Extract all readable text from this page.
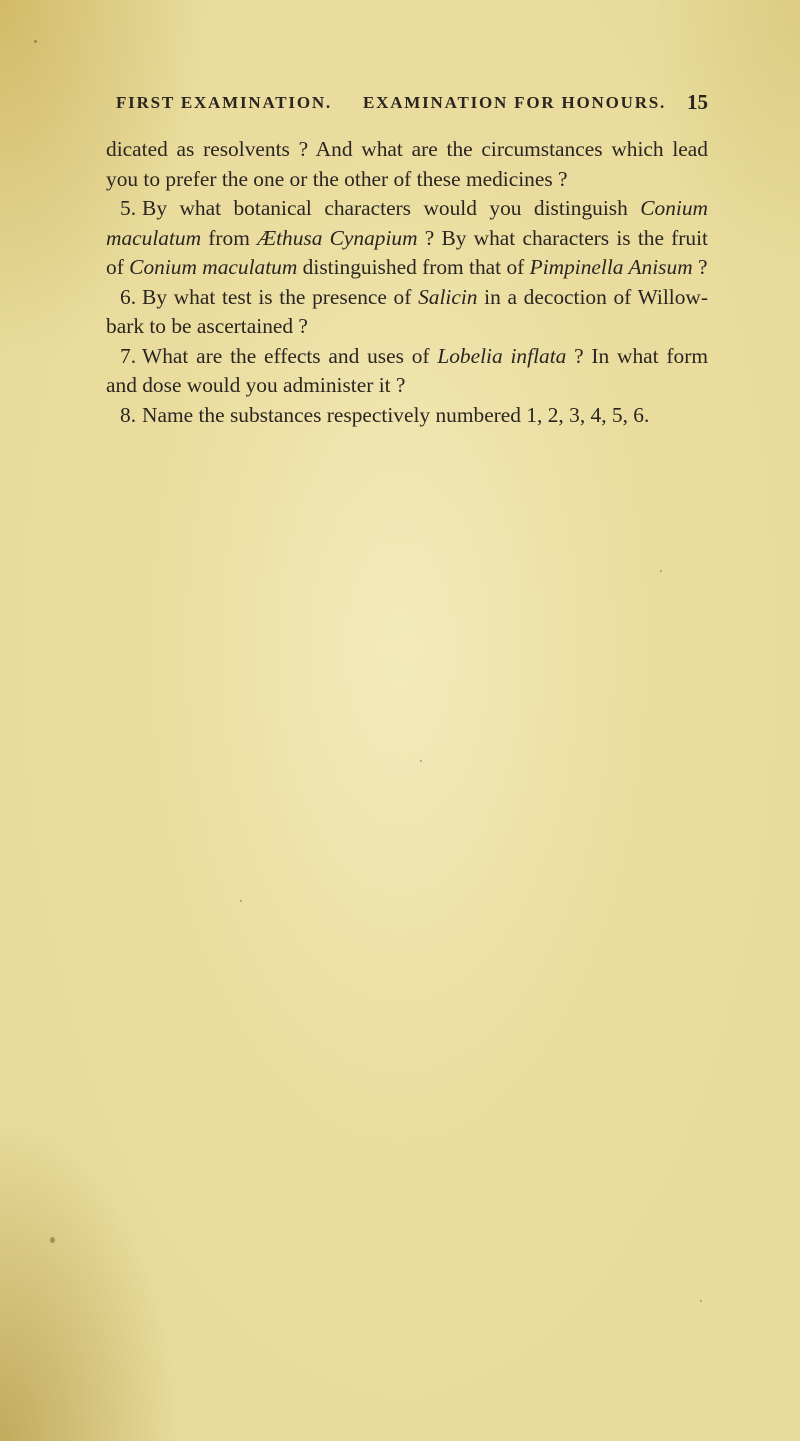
FIRST EXAMINATION. EXAMINATION FOR HONOURS. 15

dicated as resolvents ? And what are the circumstances which lead you to prefer the one or the other of these medicines ?

5. By what botanical characters would you distinguish Conium maculatum from Æthusa Cynapium ? By what characters is the fruit of Conium maculatum distinguished from that of Pimpinella Anisum ?

6. By what test is the presence of Salicin in a decoction of Willow-bark to be ascertained ?

7. What are the effects and uses of Lobelia inflata ? In what form and dose would you administer it ?

8. Name the substances respectively numbered 1, 2, 3, 4, 5, 6.
